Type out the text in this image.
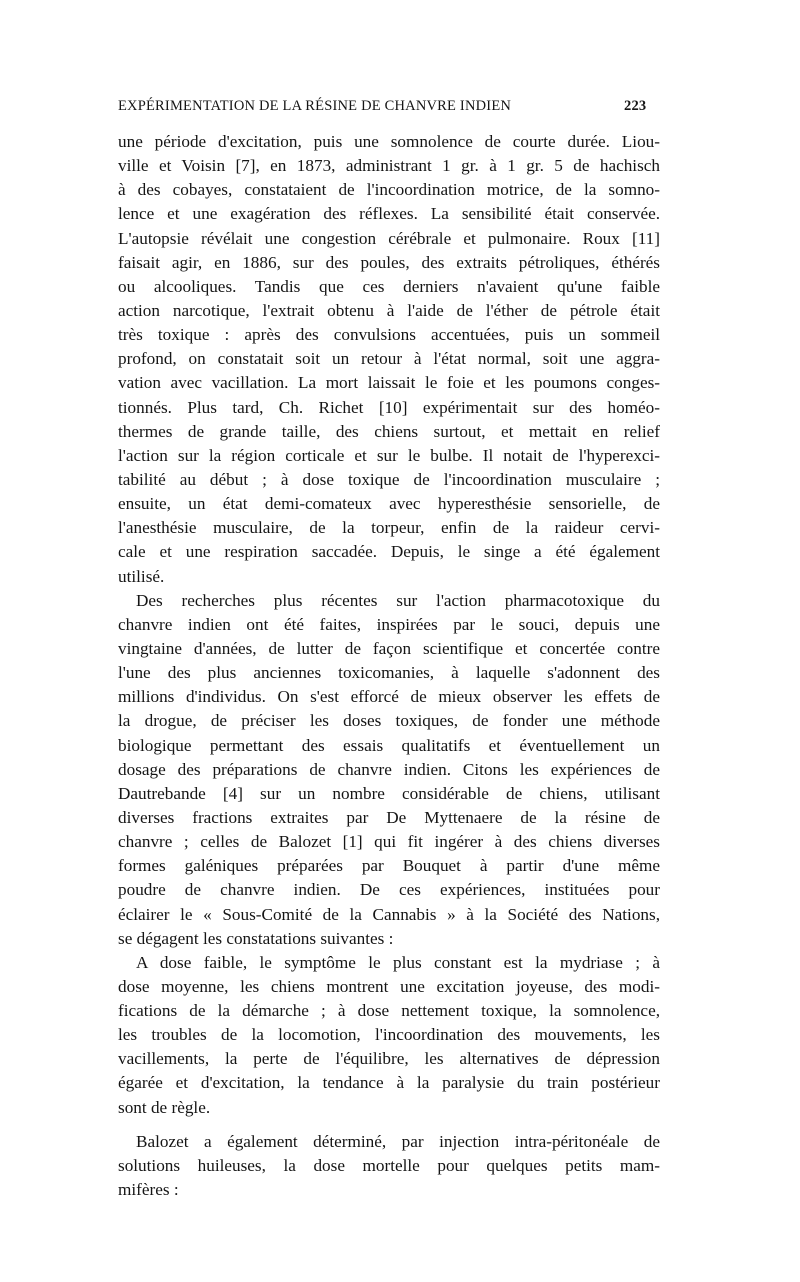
EXPÉRIMENTATION DE LA RÉSINE DE CHANVRE INDIEN	223
une période d'excitation, puis une somnolence de courte durée. Liou-
ville et Voisin [7], en 1873, administrant 1 gr. à 1 gr. 5 de hachisch
à des cobayes, constataient de l'incoordination motrice, de la somno-
lence et une exagération des réflexes. La sensibilité était conservée.
L'autopsie révélait une congestion cérébrale et pulmonaire. Roux [11]
faisait agir, en 1886, sur des poules, des extraits pétroliques, éthérés
ou alcooliques. Tandis que ces derniers n'avaient qu'une faible
action narcotique, l'extrait obtenu à l'aide de l'éther de pétrole était
très toxique : après des convulsions accentuées, puis un sommeil
profond, on constatait soit un retour à l'état normal, soit une aggra-
vation avec vacillation. La mort laissait le foie et les poumons conges-
tionnés. Plus tard, Ch. Richet [10] expérimentait sur des homéo-
thermes de grande taille, des chiens surtout, et mettait en relief
l'action sur la région corticale et sur le bulbe. Il notait de l'hyperexci-
tabilité au début ; à dose toxique de l'incoordination musculaire ;
ensuite, un état demi-comateux avec hyperesthésie sensorielle, de
l'anesthésie musculaire, de la torpeur, enfin de la raideur cervi-
cale et une respiration saccadée. Depuis, le singe a été également
utilisé.
Des recherches plus récentes sur l'action pharmacotoxique du
chanvre indien ont été faites, inspirées par le souci, depuis une
vingtaine d'années, de lutter de façon scientifique et concertée contre
l'une des plus anciennes toxicomanies, à laquelle s'adonnent des
millions d'individus. On s'est efforcé de mieux observer les effets de
la drogue, de préciser les doses toxiques, de fonder une méthode
biologique permettant des essais qualitatifs et éventuellement un
dosage des préparations de chanvre indien. Citons les expériences de
Dautrebande [4] sur un nombre considérable de chiens, utilisant
diverses fractions extraites par De Myttenaere de la résine de
chanvre ; celles de Balozet [1] qui fit ingérer à des chiens diverses
formes galéniques préparées par Bouquet à partir d'une même
poudre de chanvre indien. De ces expériences, instituées pour
éclairer le « Sous-Comité de la Cannabis » à la Société des Nations,
se dégagent les constatations suivantes :
A dose faible, le symptôme le plus constant est la mydriase ; à
dose moyenne, les chiens montrent une excitation joyeuse, des modi-
fications de la démarche ; à dose nettement toxique, la somnolence,
les troubles de la locomotion, l'incoordination des mouvements, les
vacillements, la perte de l'équilibre, les alternatives de dépression
égarée et d'excitation, la tendance à la paralysie du train postérieur
sont de règle.
Balozet a également déterminé, par injection intra-péritonéale de
solutions huileuses, la dose mortelle pour quelques petits mam-
mifères :
